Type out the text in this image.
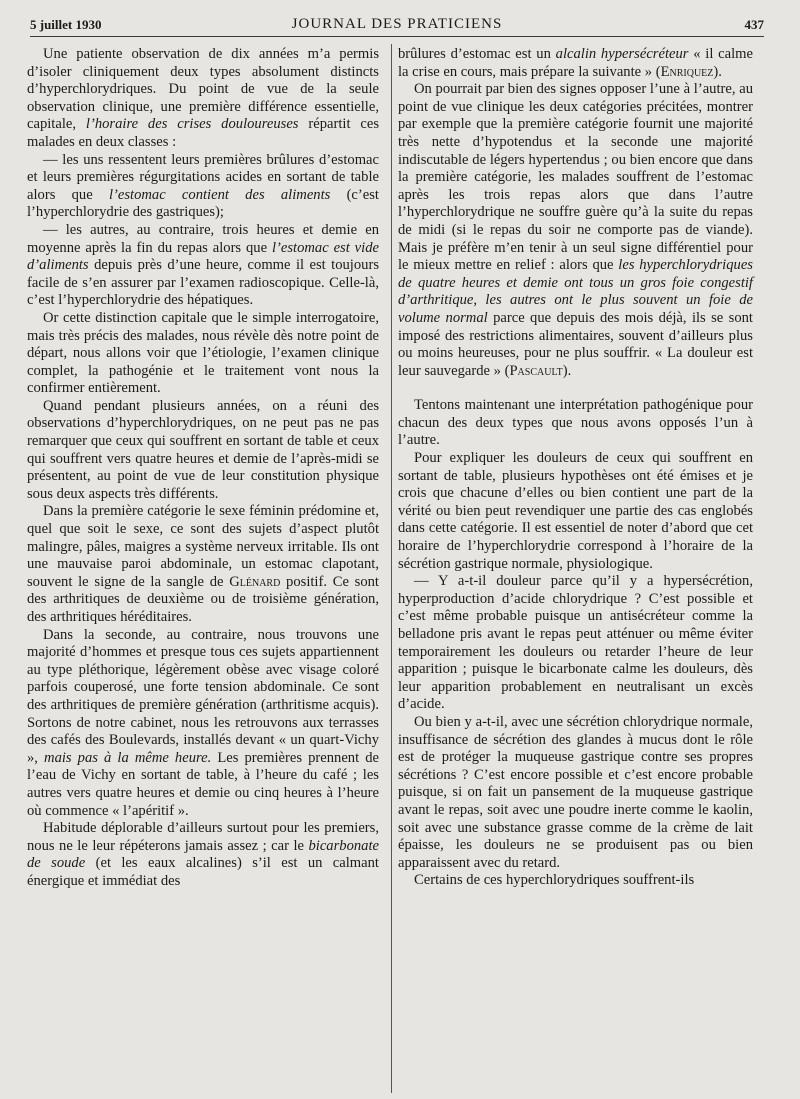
5 juillet 1930	JOURNAL DES PRATICIENS	437

Une patiente observation de dix années m’a permis d’isoler cliniquement deux types absolument distincts d’hyperchlorydriques. Du point de vue de la seule observation clinique, une première différence essentielle, capitale, l’horaire des crises douloureuses répartit ces malades en deux classes :

— les uns ressentent leurs premières brûlures d’estomac et leurs premières régurgitations acides en sortant de table alors que l’estomac contient des aliments (c’est l’hyperchlorydrie des gastriques);

— les autres, au contraire, trois heures et demie en moyenne après la fin du repas alors que l’estomac est vide d’aliments depuis près d’une heure, comme il est toujours facile de s’en assurer par l’examen radioscopique. Celle-là, c’est l’hyperchlorydrie des hépatiques.

Or cette distinction capitale que le simple interrogatoire, mais très précis des malades, nous révèle dès notre point de départ, nous allons voir que l’étiologie, l’examen clinique complet, la pathogénie et le traitement vont nous la confirmer entièrement.

Quand pendant plusieurs années, on a réuni des observations d’hyperchlorydriques, on ne peut pas ne pas remarquer que ceux qui souffrent en sortant de table et ceux qui souffrent vers quatre heures et demie de l’après-midi se présentent, au point de vue de leur constitution physique sous deux aspects très différents.

Dans la première catégorie le sexe féminin prédomine et, quel que soit le sexe, ce sont des sujets d’aspect plutôt malingre, pâles, maigres a système nerveux irritable. Ils ont une mauvaise paroi abdominale, un estomac clapotant, souvent le signe de la sangle de Glénard positif. Ce sont des arthritiques de deuxième ou de troisième génération, des arthritiques héréditaires.

Dans la seconde, au contraire, nous trouvons une majorité d’hommes et presque tous ces sujets appartiennent au type pléthorique, légèrement obèse avec visage coloré parfois couperosé, une forte tension abdominale. Ce sont des arthritiques de première génération (arthritisme acquis). Sortons de notre cabinet, nous les retrouvons aux terrasses des cafés des Boulevards, installés devant « un quart-Vichy », mais pas à la même heure. Les premières prennent de l’eau de Vichy en sortant de table, à l’heure du café ; les autres vers quatre heures et demie ou cinq heures à l’heure où commence « l’apéritif ».

Habitude déplorable d’ailleurs surtout pour les premiers, nous ne le leur répéterons jamais assez ; car le bicarbonate de soude (et les eaux alcalines) s’il est un calmant énergique et immédiat des

brûlures d’estomac est un alcalin hypersécréteur « il calme la crise en cours, mais prépare la suivante » (Enriquez).

On pourrait par bien des signes opposer l’une à l’autre, au point de vue clinique les deux catégories précitées, montrer par exemple que la première catégorie fournit une majorité très nette d’hypotendus et la seconde une majorité indiscutable de légers hypertendus ; ou bien encore que dans la première catégorie, les malades souffrent de l’estomac après les trois repas alors que dans l’autre l’hyperchlorydrique ne souffre guère qu’à la suite du repas de midi (si le repas du soir ne comporte pas de viande). Mais je préfère m’en tenir à un seul signe différentiel pour le mieux mettre en relief : alors que les hyperchlorydriques de quatre heures et demie ont tous un gros foie congestif d’arthritique, les autres ont le plus souvent un foie de volume normal parce que depuis des mois déjà, ils se sont imposé des restrictions alimentaires, souvent d’ailleurs plus ou moins heureuses, pour ne plus souffrir. « La douleur est leur sauvegarde » (Pascault).

Tentons maintenant une interprétation pathogénique pour chacun des deux types que nous avons opposés l’un à l’autre.

Pour expliquer les douleurs de ceux qui souffrent en sortant de table, plusieurs hypothèses ont été émises et je crois que chacune d’elles ou bien contient une part de la vérité ou bien peut revendiquer une partie des cas englobés dans cette catégorie. Il est essentiel de noter d’abord que cet horaire de l’hyperchlorydrie correspond à l’horaire de la sécrétion gastrique normale, physiologique.

— Y a-t-il douleur parce qu’il y a hypersécrétion, hyperproduction d’acide chlorydrique ? C’est possible et c’est même probable puisque un antisécréteur comme la belladone pris avant le repas peut atténuer ou même éviter temporairement les douleurs ou retarder l’heure de leur apparition ; puisque le bicarbonate calme les douleurs, dès leur apparition probablement en neutralisant un excès d’acide.

Ou bien y a-t-il, avec une sécrétion chlorydrique normale, insuffisance de sécrétion des glandes à mucus dont le rôle est de protéger la muqueuse gastrique contre ses propres sécrétions ? C’est encore possible et c’est encore probable puisque, si on fait un pansement de la muqueuse gastrique avant le repas, soit avec une poudre inerte comme le kaolin, soit avec une substance grasse comme de la crème de lait épaisse, les douleurs ne se produisent pas ou bien apparaissent avec du retard.

Certains de ces hyperchlorydriques souffrent-ils
